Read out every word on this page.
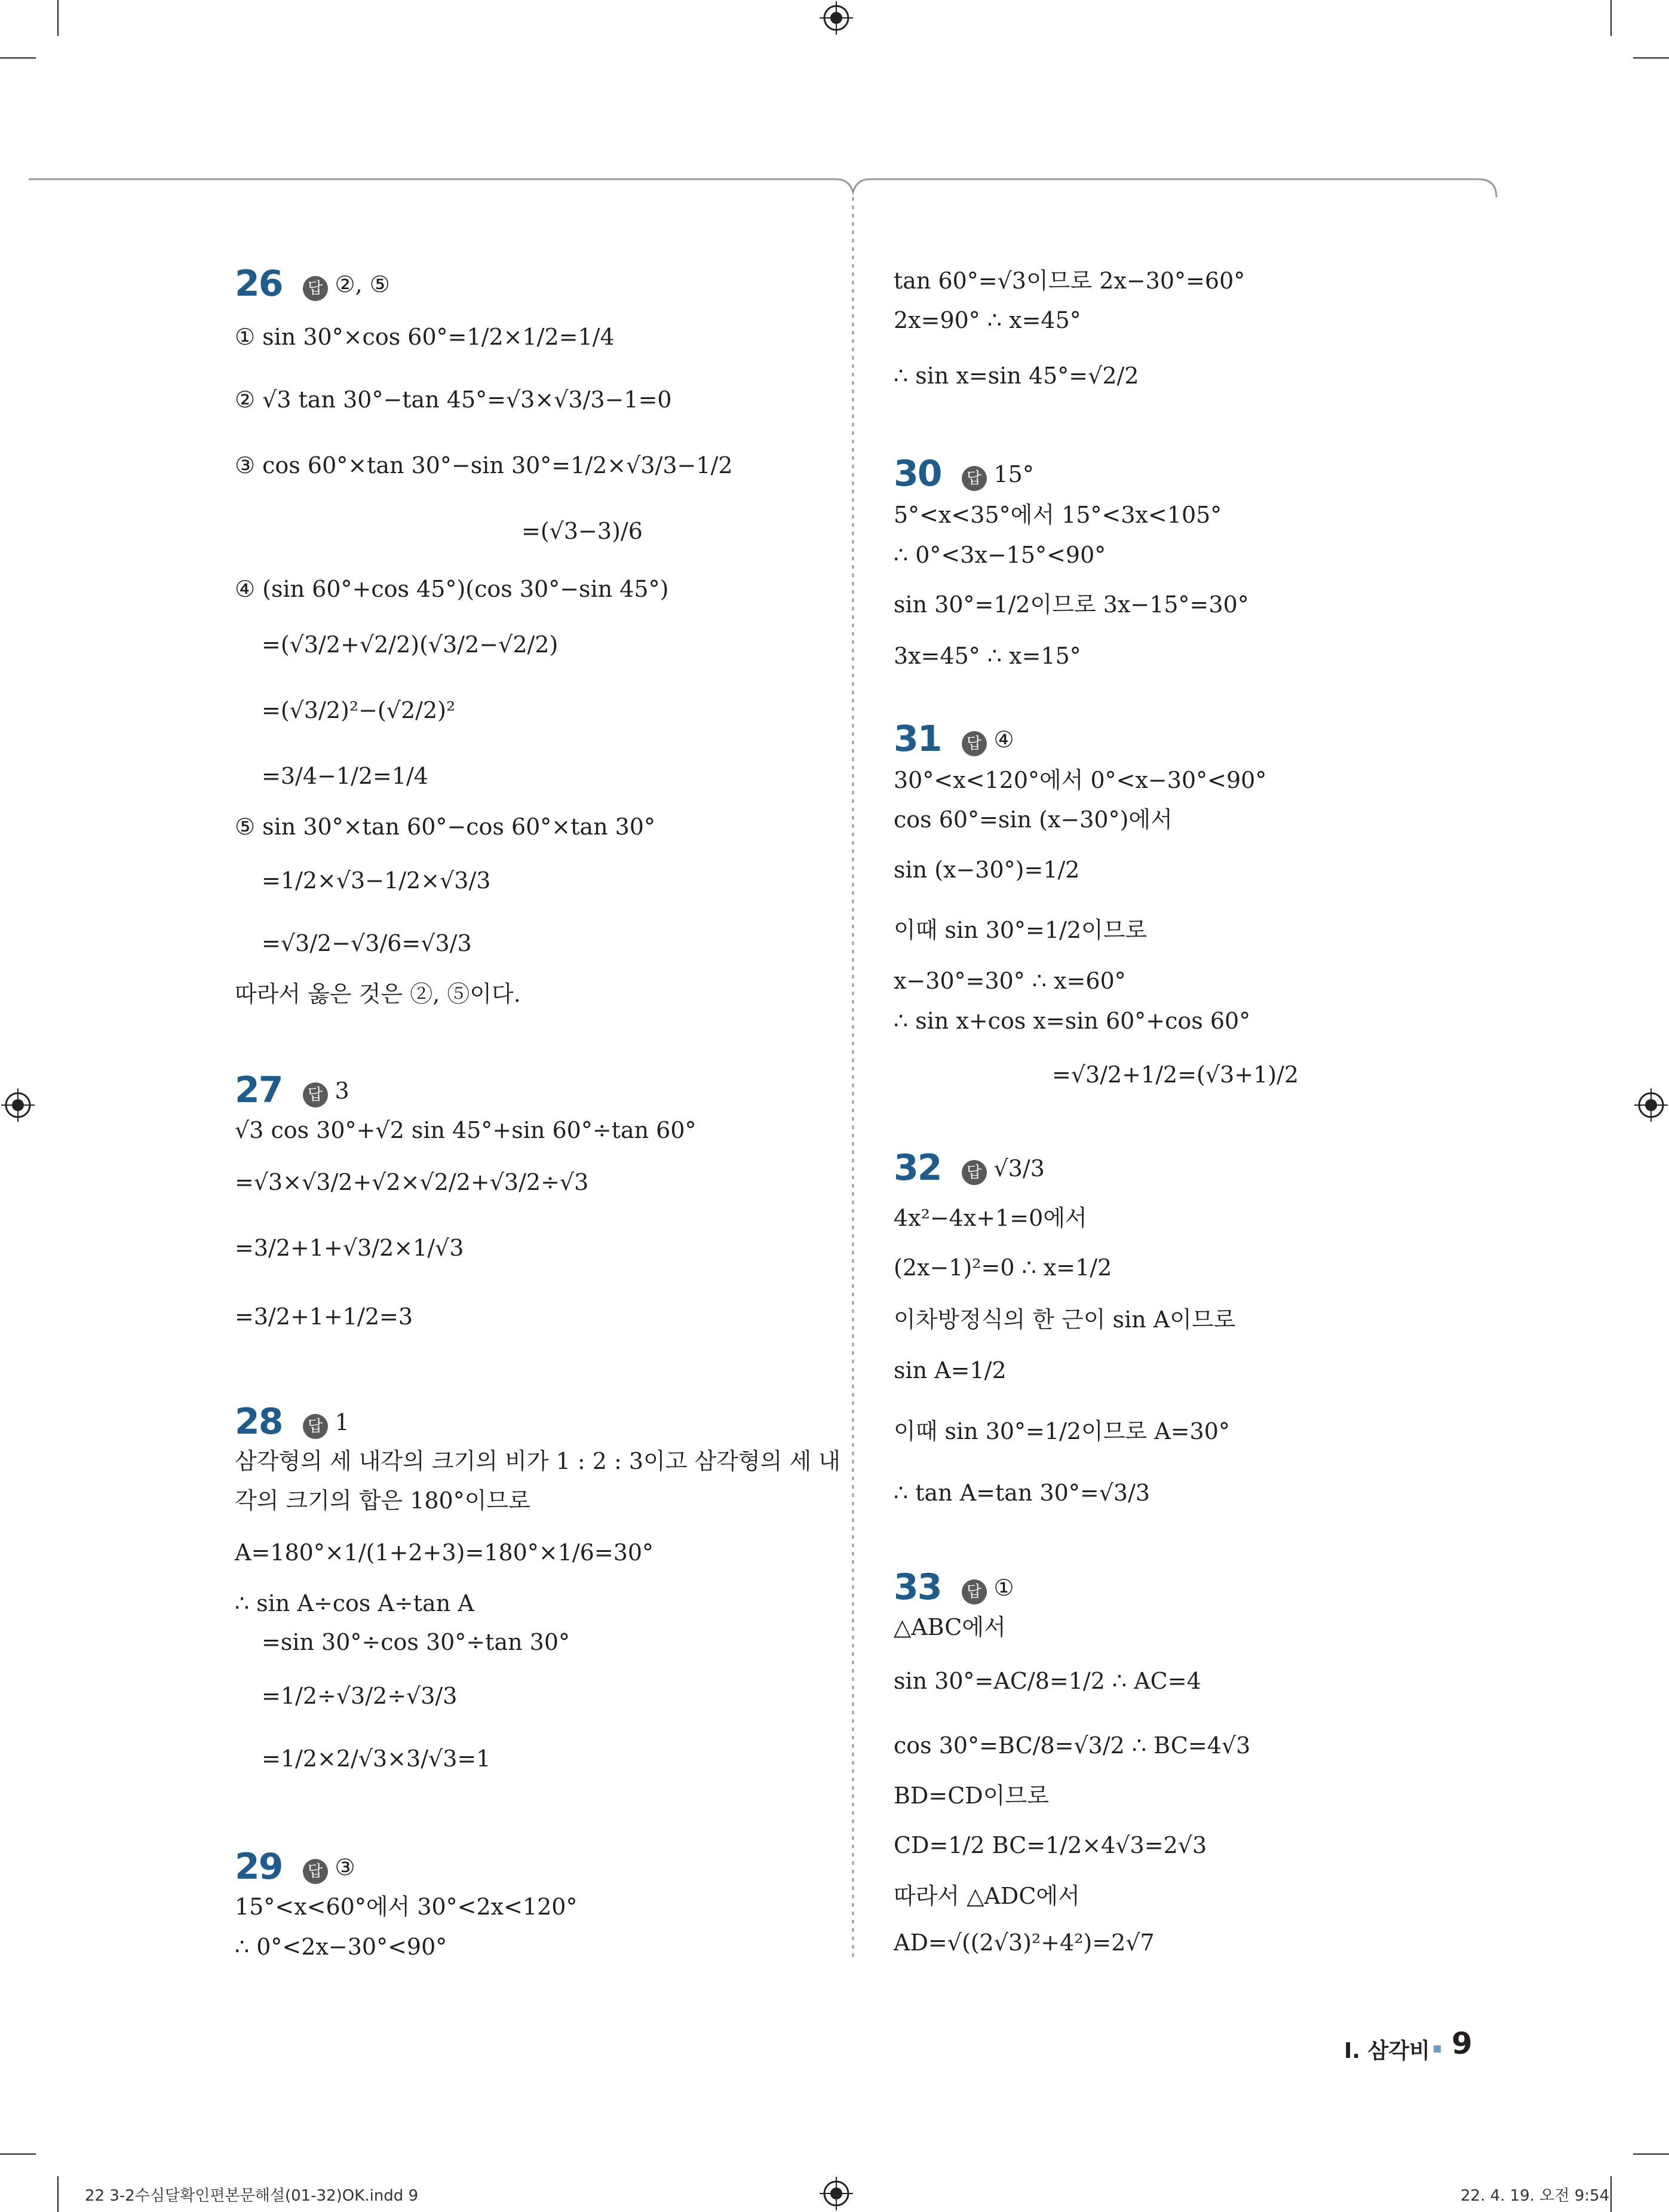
26 답 ②, ⑤
① sin 30°×cos 60°=1/2×1/2=1/4
② √3 tan 30°−tan 45°=√3×√3/3−1=0
③ cos 60°×tan 30°−sin 30°=1/2×√3/3−1/2
=(√3−3)/6
④ (sin 60°+cos 45°)(cos 30°−sin 45°)
=(√3/2+√2/2)(√3/2−√2/2)
=(√3/2)²−(√2/2)²
=3/4−1/2=1/4
⑤ sin 30°×tan 60°−cos 60°×tan 30°
=1/2×√3−1/2×√3/3
=√3/2−√3/6=√3/3
따라서 옳은 것은 ②, ⑤이다.
27 답 3
√3 cos 30°+√2 sin 45°+sin 60°÷tan 60°
=√3×√3/2+√2×√2/2+√3/2÷√3
=3/2+1+√3/2×1/√3
=3/2+1+1/2=3
28 답 1
삼각형의 세 내각의 크기의 비가 1 : 2 : 3이고 삼각형의 세 내
각의 크기의 합은 180°이므로
A=180°×1/(1+2+3)=180°×1/6=30°
∴ sin A÷cos A÷tan A
=sin 30°÷cos 30°÷tan 30°
=1/2÷√3/2÷√3/3
=1/2×2/√3×3/√3=1
29 답 ③
15°<x<60°에서 30°<2x<120°
∴ 0°<2x−30°<90°
tan 60°=√3이므로 2x−30°=60°
2x=90° ∴ x=45°
∴ sin x=sin 45°=√2/2
30 답 15°
5°<x<35°에서 15°<3x<105°
∴ 0°<3x−15°<90°
sin 30°=1/2이므로 3x−15°=30°
3x=45° ∴ x=15°
31 답 ④
30°<x<120°에서 0°<x−30°<90°
cos 60°=sin (x−30°)에서
sin (x−30°)=1/2
이때 sin 30°=1/2이므로
x−30°=30° ∴ x=60°
∴ sin x+cos x=sin 60°+cos 60°
=√3/2+1/2=(√3+1)/2
32 답 √3/3
4x²−4x+1=0에서
(2x−1)²=0 ∴ x=1/2
이차방정식의 한 근이 sin A이므로
sin A=1/2
이때 sin 30°=1/2이므로 A=30°
∴ tan A=tan 30°=√3/3
33 답 ①
△ABC에서
sin 30°=AC/8=1/2 ∴ AC=4
cos 30°=BC/8=√3/2 ∴ BC=4√3
BD=CD이므로
CD=1/2 BC=1/2×4√3=2√3
따라서 △ADC에서
AD=√((2√3)²+4²)=2√7
I. 삼각비 9
22 3-2수심달확인편본문해설(01-32)OK.indd 9	22. 4. 19. 오전 9:54
